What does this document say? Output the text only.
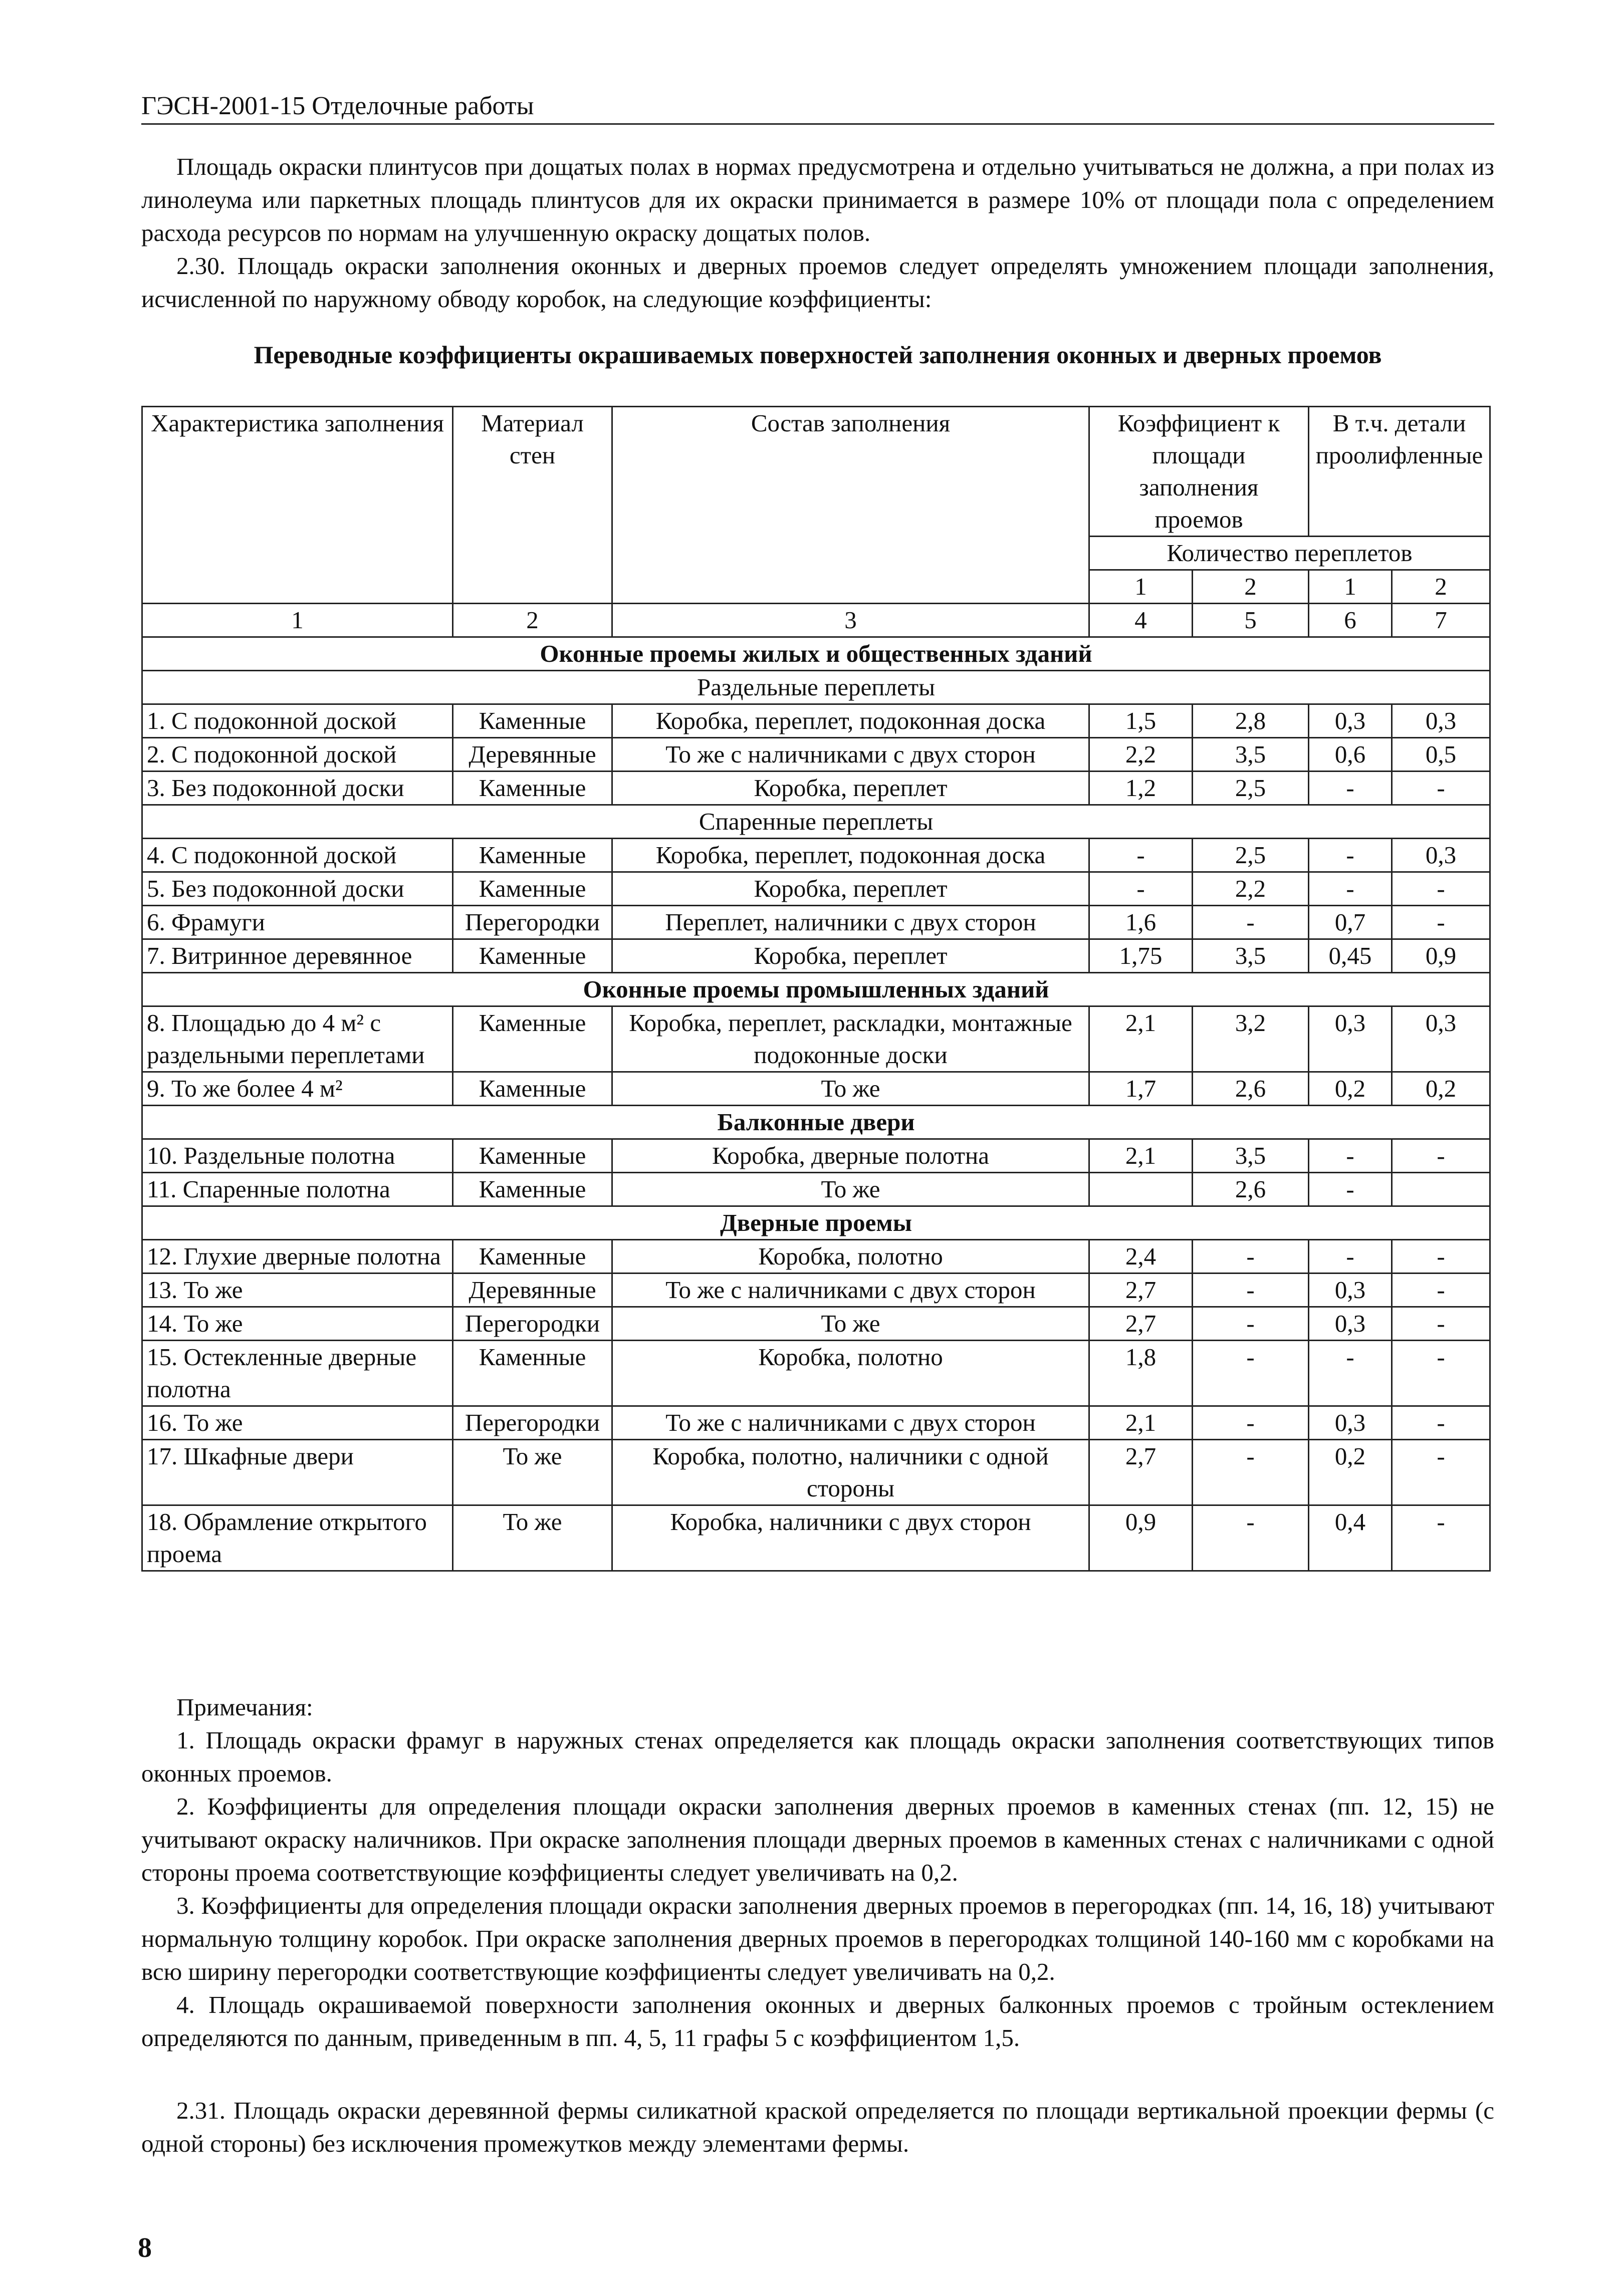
ГЭСН-2001-15 Отделочные работы

Площадь окраски плинтусов при дощатых полах в нормах предусмотрена и отдельно учитываться не должна, а при полах из линолеума или паркетных площадь плинтусов для их окраски принимается в размере 10% от площади пола с определением расхода ресурсов по нормам на улучшенную окраску дощатых полов.

2.30. Площадь окраски заполнения оконных и дверных проемов следует определять умножением площади заполнения, исчисленной по наружному обводу коробок, на следующие коэффициенты:

Переводные коэффициенты окрашиваемых поверхностей заполнения оконных и дверных проемов
Характеристика заполнения	Материал стен	Состав заполнения	Коэффициент к площади заполнения проемов		В т.ч. детали проолифленные	
			Количество переплетов			
			1	2	1	2
1	2	3	4	5	6	7
Оконные проемы жилых и общественных зданий						
Раздельные переплеты						
1. С подоконной доской	Каменные	Коробка, переплет, подоконная доска	1,5	2,8	0,3	0,3
2. С подоконной доской	Деревянные	То же с наличниками с двух сторон	2,2	3,5	0,6	0,5
3. Без подоконной доски	Каменные	Коробка, переплет	1,2	2,5	-	-
Спаренные переплеты						
4. С подоконной доской	Каменные	Коробка, переплет, подоконная доска	-	2,5	-	0,3
5. Без подоконной доски	Каменные	Коробка, переплет	-	2,2	-	-
6. Фрамуги	Перегородки	Переплет, наличники с двух сторон	1,6	-	0,7	-
7. Витринное деревянное	Каменные	Коробка, переплет	1,75	3,5	0,45	0,9
Оконные проемы промышленных зданий						
8. Площадью до 4 м² с раздельными переплетами	Каменные	Коробка, переплет, раскладки, монтажные подоконные доски	2,1	3,2	0,3	0,3
9. То же более 4 м²	Каменные	То же	1,7	2,6	0,2	0,2
Балконные двери						
10. Раздельные полотна	Каменные	Коробка, дверные полотна	2,1	3,5	-	-
11. Спаренные полотна	Каменные	То же		2,6	-	
Дверные проемы						
12. Глухие дверные полотна	Каменные	Коробка, полотно	2,4	-	-	-
13. То же	Деревянные	То же с наличниками с двух сторон	2,7	-	0,3	-
14. То же	Перегородки	То же	2,7	-	0,3	-
15. Остекленные дверные полотна	Каменные	Коробка, полотно	1,8	-	-	-
16. То же	Перегородки	То же с наличниками с двух сторон	2,1	-	0,3	-
17. Шкафные двери	То же	Коробка, полотно, наличники с одной стороны	2,7	-	0,2	-
18. Обрамление открытого проема	То же	Коробка, наличники с двух сторон	0,9	-	0,4	-
Примечания:

1. Площадь окраски фрамуг в наружных стенах определяется как площадь окраски заполнения соответствующих типов оконных проемов.

2. Коэффициенты для определения площади окраски заполнения дверных проемов в каменных стенах (пп. 12, 15) не учитывают окраску наличников. При окраске заполнения площади дверных проемов в каменных стенах с наличниками с одной стороны проема соответствующие коэффициенты следует увеличивать на 0,2.

3. Коэффициенты для определения площади окраски заполнения дверных проемов в перегородках (пп. 14, 16, 18) учитывают нормальную толщину коробок. При окраске заполнения дверных проемов в перегородках толщиной 140-160 мм с коробками на всю ширину перегородки соответствующие коэффициенты следует увеличивать на 0,2.

4. Площадь окрашиваемой поверхности заполнения оконных и дверных балконных проемов с тройным остеклением определяются по данным, приведенным в пп. 4, 5, 11 графы 5 с коэффициентом 1,5.

2.31. Площадь окраски деревянной фермы силикатной краской определяется по площади вертикальной проекции фермы (с одной стороны) без исключения промежутков между элементами фермы.

8
